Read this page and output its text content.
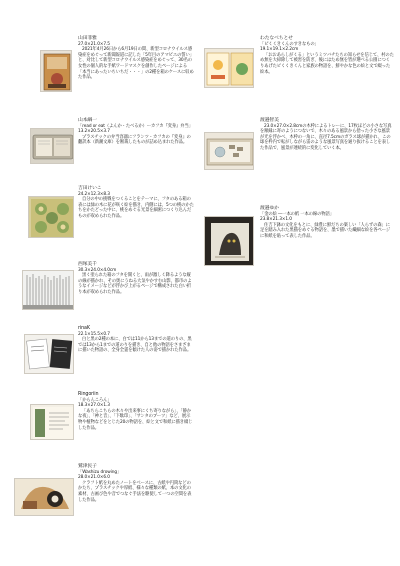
山田菲雅

27.0×21.0×7.5

2021年4月26日から6月19日の間、新型コロナウイルス感染症をめぐって新聞報道に記した「5年目のアマビエの誓い」と、対比して新型コロナウイルス感染症をめぐって、30名の女性の個人的な手紙ワードマスクを創作したページによる「本当にあったいちいちだ・・・」の2種を箱のケースに収めた作品。

山本綱一

「read or eat（よんか・たべるか）ーカフカ『変身』弁当」

13.2×20.5×3.7

プラスチックの弁当容器にフランツ・カフカの『変身』の翻訳本（新潮文庫）を断裁したものが詰め込まれた作品。

吉田けいこ

24.2×12.3×8.3

自分の中の挑戦をつくることをテーマに、フタのある箱の表には緑の木に花が咲く絵を描き、内側には、5つの桃のかたちをかたどった中に、桃をめぐる光景を細密につくり込んだものが収められた作品。

西塚美千

30.3×24.0×4.0cm

黒く塗られた箱のフタを開くと、雨が激しく降るような縦の線が描かれ、その奥にうねる大気やかすむ山影、都市のようなイメージなどが浮かび上がるページで構成された白い折り本が収められた作品。

rinaK

22.1×15.5×0.7

白と黒の2種の本に、白では11から13までの道のりの、黒では13から1までの道のりを描き、自と他の物語をさまざまに描いた物語の、全身全霊を傾けた人の姿で描かれた作品。

Ringoriin

「からんころん」

18.3×27.0×1.3

「あちらこちらの木々や出来事にくち寄りながら」、「静かな夜」、「神と音」、「下駄印」、「サンタのブーツ」など、展示物や植物などをとじた20の物語を、絵と文で和紙に描き綴じした作品。

鷲津民子

「Washizu drowing」

28.0×21.0×6.0

クラフト紙を丸めたノートをベースに、古紙や円筒などのかたち、プラスチックや厚紙、様々な種類の紙、本の文化の素材、古画び色や音でつなぐ手法を駆使して一つの空間を表した作品。

わたなべちとせ

「ピくくきくんのすきなもの」

19.1×19.1×2.2cm

「おおあらしがくる」というミツバチたちの知らせを信じて、村のため無を大掃除して被害を防ぎ、後にはため無を皆が選べる公園につくりあげたピくくきくんと家族の物語を、鮮やかな色の絵と文で綴った絵本。

渡邉智美

23.0×27.0×2.8cmの木枠によるトレーに、17枚ほどの小さな写真を額縁に寄のようにつないで、木々のある風景から拾った小さな風景が光を浮かべ、木枠の一角に、直径7.5cmのガラス球が描かれ、この球を枠内で転がしながら雷のような風景写真を通り抜けることを表した作品で、風景が連続的に変化していく本。

渡邉ゆか

「金の絵 ―一本の紙 一本の線の物語」

23.8×21.3×1.0

住吉下鉢の文化をもとに、緑豊に鮮だちの楽しい「人らずの森」に足を踏み入れた黒猫をめぐる物語を、墨で描いた繊細な絵を各ページに和紙を貼って表した作品。
